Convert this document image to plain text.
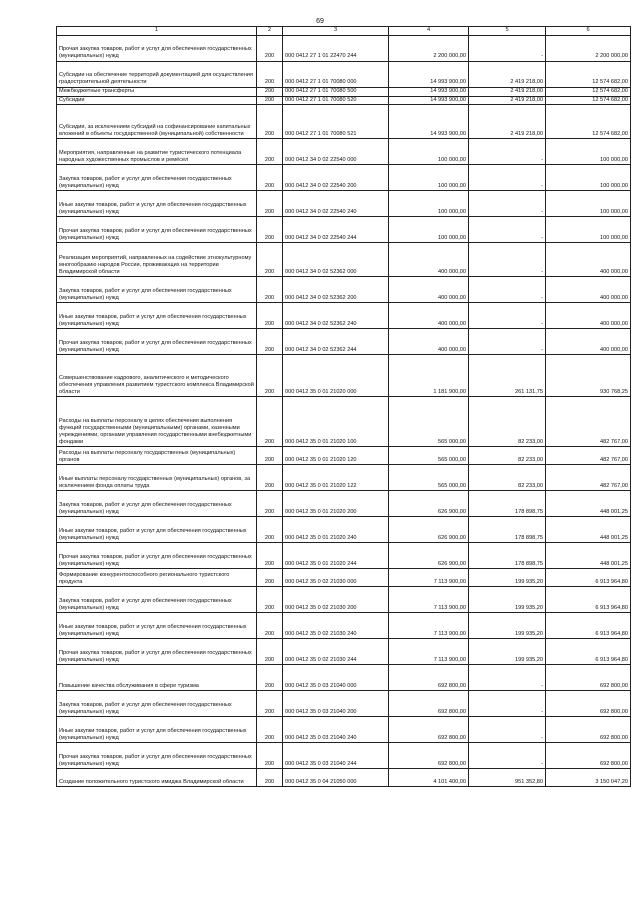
69
1	2	3	4	5	6
Прочая закупка товаров, работ и услуг для обеспечения государственных (муниципальных) нужд	200	000 0412 27 1 01 22470 244	2 200 000,00	-	2 200 000,00
Субсидии на обеспечение территорий документацией для осуществления градостроительной деятельности	200	000 0412 27 1 01 70080 000	14 993 900,00	2 419 218,00	12 574 682,00
Межбюджетные трансферты	200	000 0412 27 1 01 70080 500	14 993 900,00	2 419 218,00	12 574 682,00
Субсидии	200	000 0412 27 1 01 70080 520	14 993 900,00	2 419 218,00	12 574 682,00
Субсидии, за исключением субсидий на софинансирование капитальных вложений в объекты государственной (муниципальной) собственности	200	000 0412 27 1 01 70080 521	14 993 900,00	2 419 218,00	12 574 682,00
Мероприятия, направленные на развитие туристического потенциала народных художественных промыслов и ремёсел	200	000 0412 34 0 02 22540 000	100 000,00	-	100 000,00
Закупка товаров, работ и услуг для обеспечения государственных (муниципальных) нужд	200	000 0412 34 0 02 22540 200	100 000,00	-	100 000,00
Иные закупки товаров, работ и услуг для обеспечения государственных (муниципальных) нужд	200	000 0412 34 0 02 22540 240	100 000,00	-	100 000,00
Прочая закупка товаров, работ и услуг для обеспечения государственных (муниципальных) нужд	200	000 0412 34 0 02 22540 244	100 000,00	-	100 000,00
Реализация мероприятий, направленных на содействие этнокультурному многообразию народов России, проживающих на территории Владимирской области	200	000 0412 34 0 02 52362 000	400 000,00	-	400 000,00
Закупка товаров, работ и услуг для обеспечения государственных (муниципальных) нужд	200	000 0412 34 0 02 52362 200	400 000,00	-	400 000,00
Иные закупки товаров, работ и услуг для обеспечения государственных (муниципальных) нужд	200	000 0412 34 0 02 52362 240	400 000,00	-	400 000,00
Прочая закупка товаров, работ и услуг для обеспечения государственных (муниципальных) нужд	200	000 0412 34 0 02 52362 244	400 000,00	-	400 000,00
Совершенствование кадрового, аналитического и методического обеспечения управления развитием туристского комплекса Владимирской области	200	000 0412 35 0 01 21020 000	1 181 900,00	261 131,75	930 768,25
Расходы на выплаты персоналу в целях обеспечения выполнения функций государственными (муниципальными) органами, казенными учреждениями, органами управления государственными внебюджетными фондами	200	000 0412 35 0 01 21020 100	565 000,00	82 233,00	482 767,00
Расходы на выплаты персоналу государственных (муниципальных) органов	200	000 0412 35 0 01 21020 120	565 000,00	82 233,00	482 767,00
Иные выплаты персоналу государственных (муниципальных) органов, за исключением фонда оплаты труда	200	000 0412 35 0 01 21020 122	565 000,00	82 233,00	482 767,00
Закупка товаров, работ и услуг для обеспечения государственных (муниципальных) нужд	200	000 0412 35 0 01 21020 200	626 900,00	178 898,75	448 001,25
Иные закупки товаров, работ и услуг для обеспечения государственных (муниципальных) нужд	200	000 0412 35 0 01 21020 240	626 900,00	178 898,75	448 001,25
Прочая закупка товаров, работ и услуг для обеспечения государственных (муниципальных) нужд	200	000 0412 35 0 01 21020 244	626 900,00	178 898,75	448 001,25
Формирование конкурентоспособного регионального туристского продукта	200	000 0412 35 0 02 21030 000	7 113 900,00	199 935,20	6 913 964,80
Закупка товаров, работ и услуг для обеспечения государственных (муниципальных) нужд	200	000 0412 35 0 02 21030 200	7 113 900,00	199 935,20	6 913 964,80
Иные закупки товаров, работ и услуг для обеспечения государственных (муниципальных) нужд	200	000 0412 35 0 02 21030 240	7 113 900,00	199 935,20	6 913 964,80
Прочая закупка товаров, работ и услуг для обеспечения государственных (муниципальных) нужд	200	000 0412 35 0 02 21030 244	7 113 900,00	199 935,20	6 913 964,80
Повышение качества обслуживания в сфере туризма	200	000 0412 35 0 03 21040 000	692 800,00	-	692 800,00
Закупка товаров, работ и услуг для обеспечения государственных (муниципальных) нужд	200	000 0412 35 0 03 21040 200	692 800,00	-	692 800,00
Иные закупки товаров, работ и услуг для обеспечения государственных (муниципальных) нужд	200	000 0412 35 0 03 21040 240	692 800,00	-	692 800,00
Прочая закупка товаров, работ и услуг для обеспечения государственных (муниципальных) нужд	200	000 0412 35 0 03 21040 244	692 800,00	-	692 800,00
Создание положительного туристского имиджа Владимирской области	200	000 0412 35 0 04 21050 000	4 101 400,00	951 352,80	3 150 047,20
